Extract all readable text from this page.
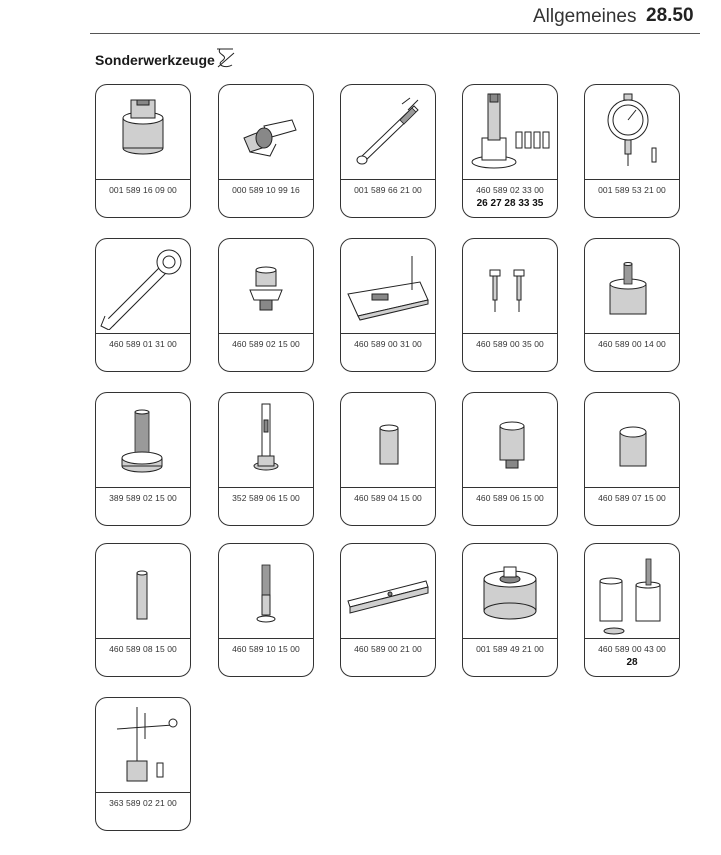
Allgemeines 28.50
Sonderwerkzeuge
001 589 16 09 00	000 589 10 99 16	001 589 66 21 00	460 589 02 33 00
26 27 28 33 35
001 589 53 21 00
460 589 01 31 00	460 589 02 15 00	460 589 00 31 00	460 589 00 35 00	460 589 00 14 00
389 589 02 15 00	352 589 06 15 00	460 589 04 15 00	460 589 06 15 00	460 589 07 15 00
460 589 08 15 00	460 589 10 15 00	460 589 00 21 00	001 589 49 21 00	460 589 00 43 00
28
363 589 02 21 00
